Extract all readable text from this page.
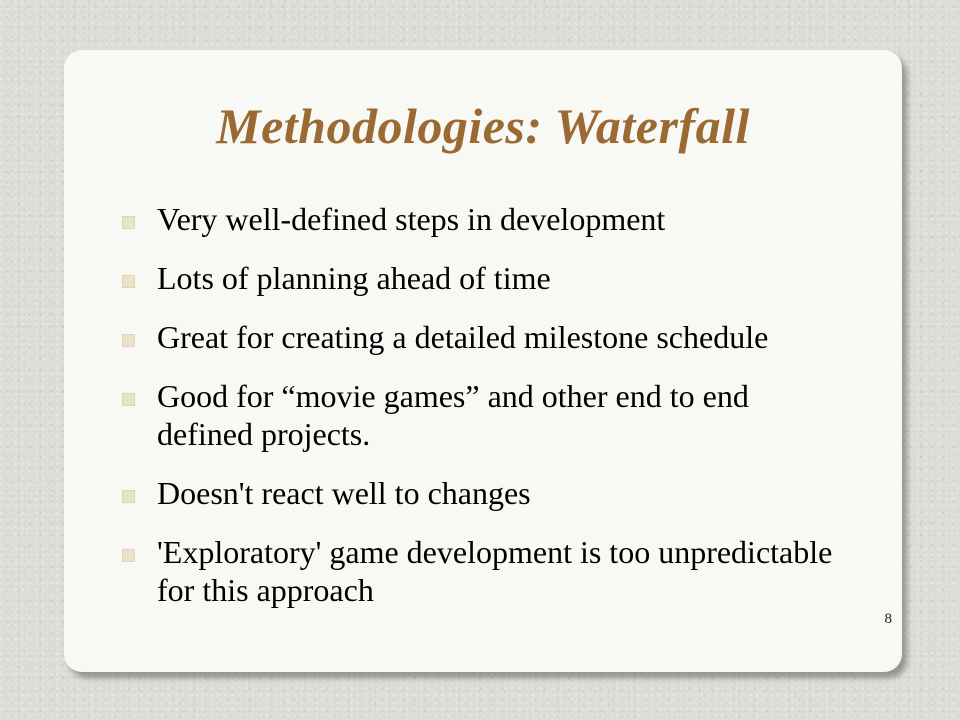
Methodologies: Waterfall
Very well-defined steps in development
Lots of planning ahead of time
Great for creating a detailed milestone schedule
Good for “movie games” and other end to end defined projects.
Doesn't react well to changes
'Exploratory' game development is too unpredictable for this approach
8
